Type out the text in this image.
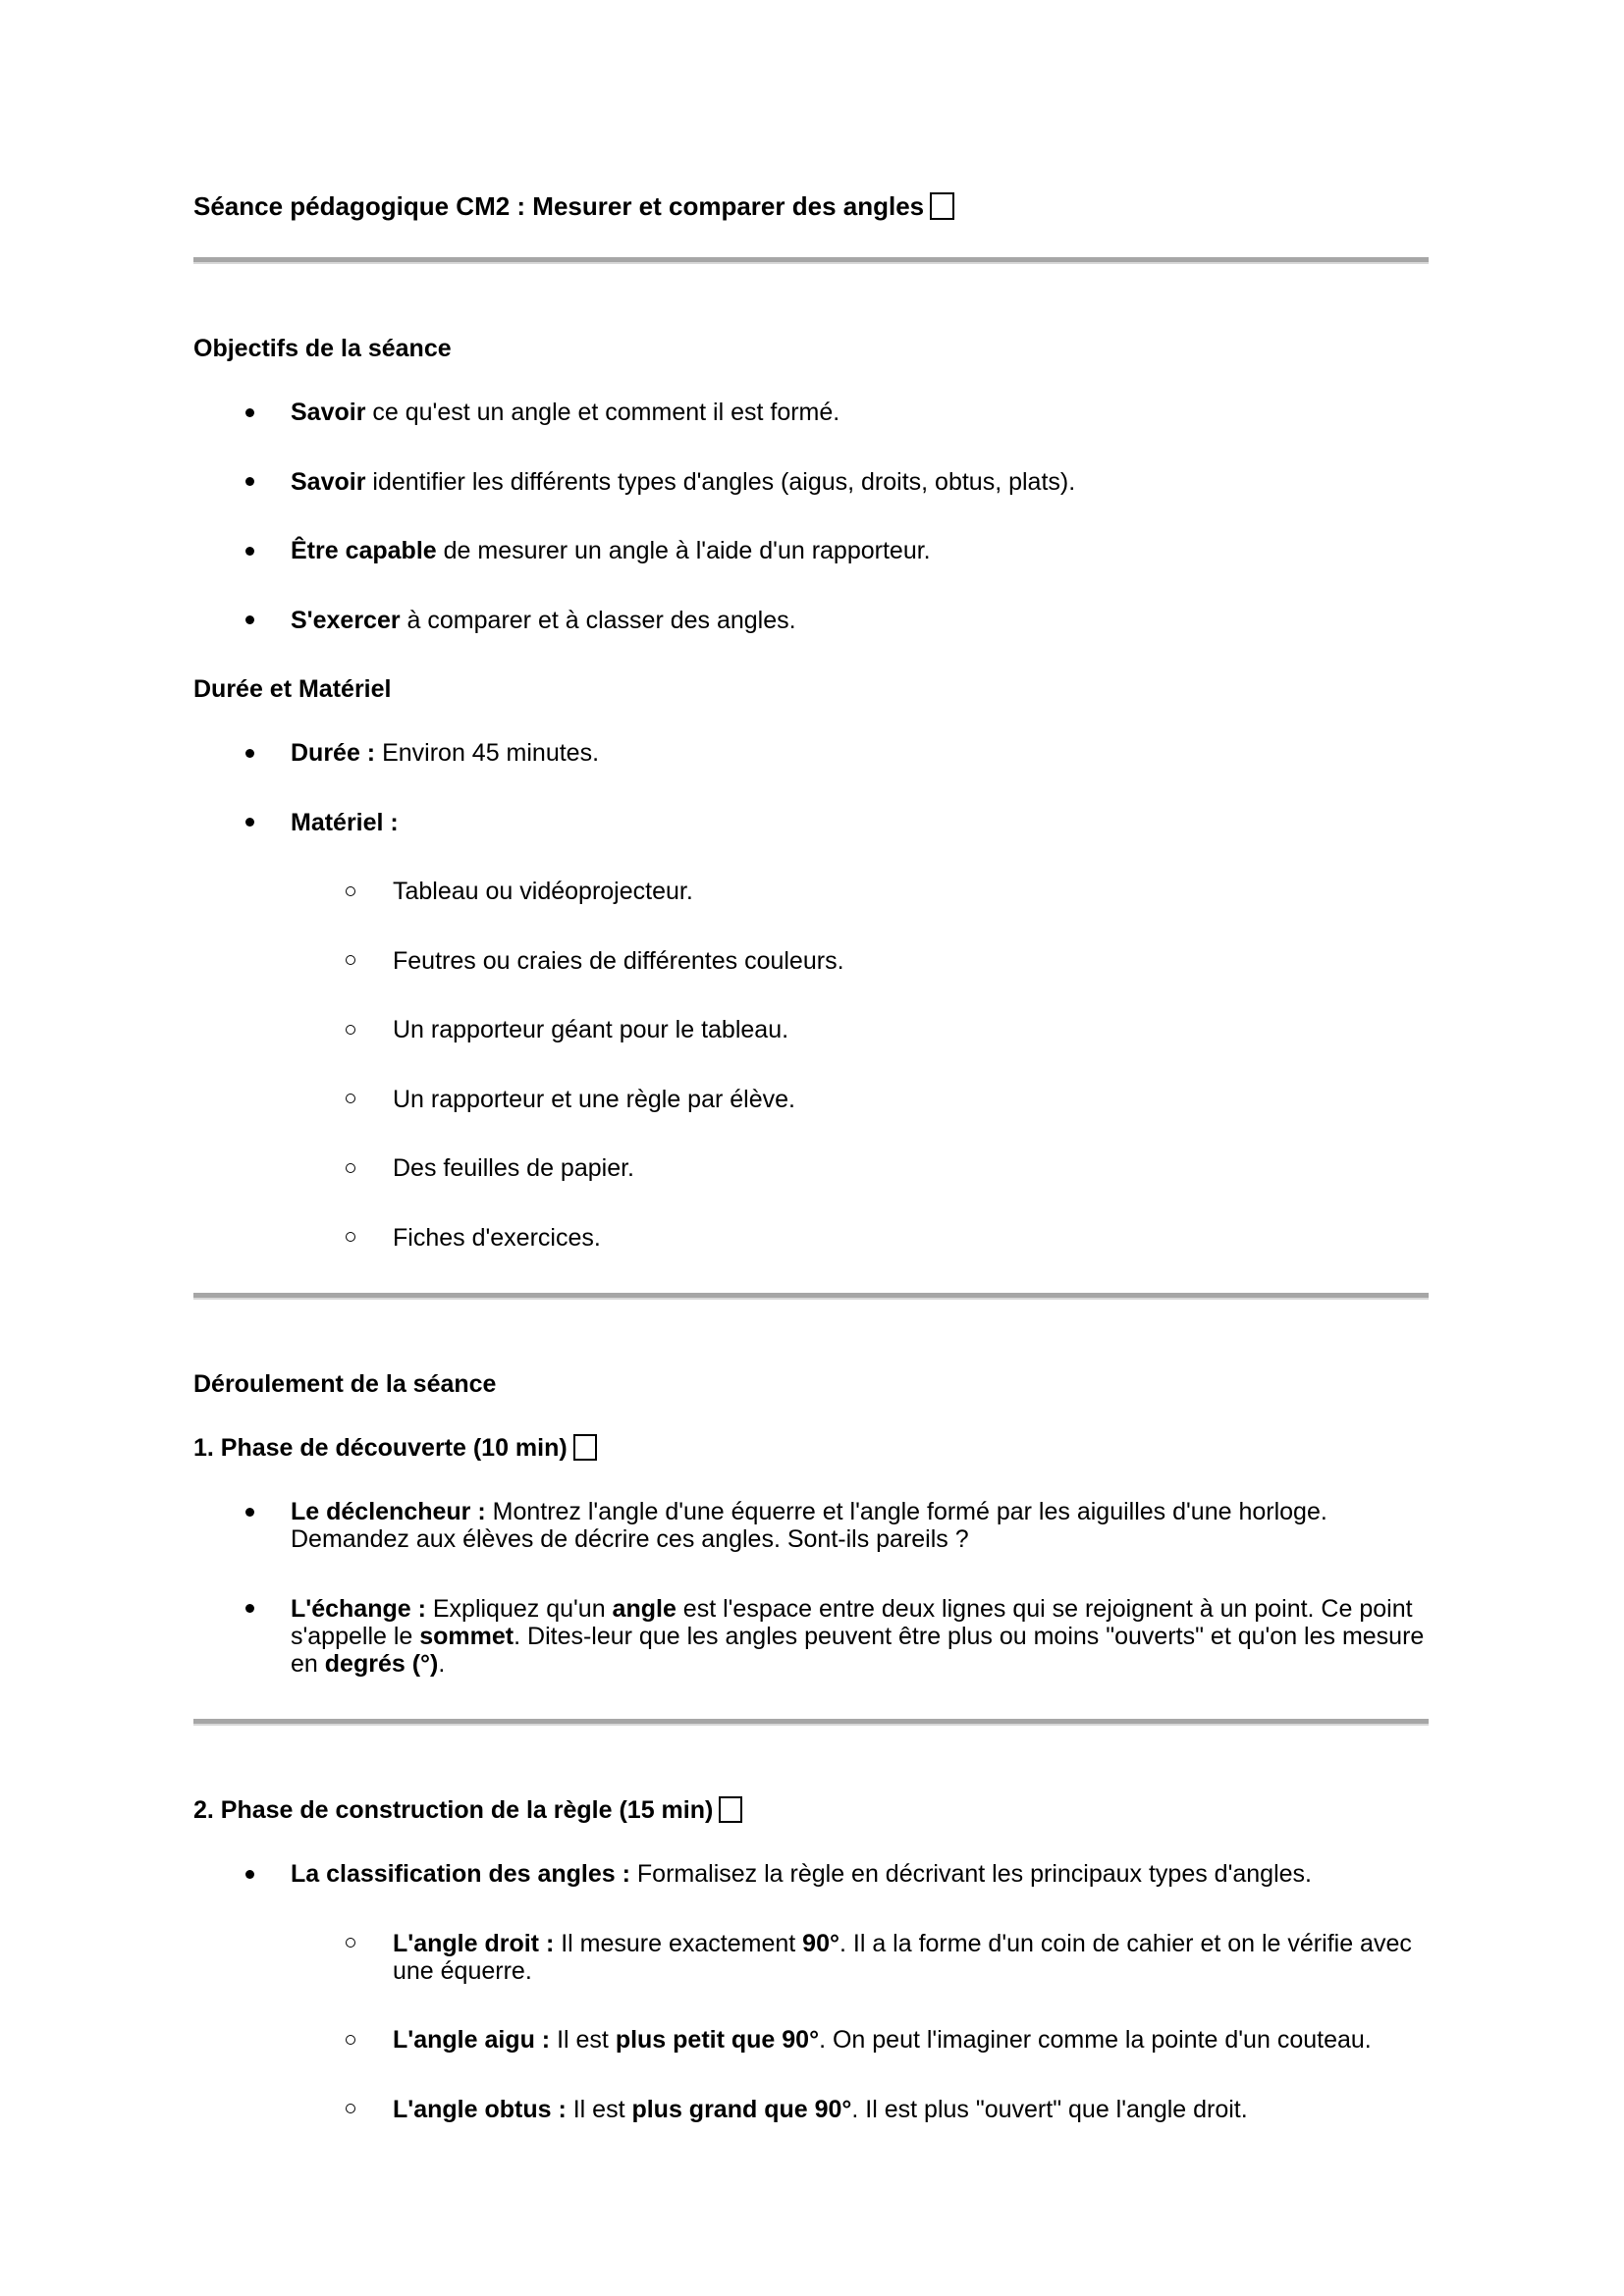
Séance pédagogique CM2 : Mesurer et comparer des angles
Objectifs de la séance
Savoir ce qu'est un angle et comment il est formé.
Savoir identifier les différents types d'angles (aigus, droits, obtus, plats).
Être capable de mesurer un angle à l'aide d'un rapporteur.
S'exercer à comparer et à classer des angles.
Durée et Matériel
Durée : Environ 45 minutes.
Matériel :
Tableau ou vidéoprojecteur.
Feutres ou craies de différentes couleurs.
Un rapporteur géant pour le tableau.
Un rapporteur et une règle par élève.
Des feuilles de papier.
Fiches d'exercices.
Déroulement de la séance
1. Phase de découverte (10 min)
Le déclencheur : Montrez l'angle d'une équerre et l'angle formé par les aiguilles d'une horloge. Demandez aux élèves de décrire ces angles. Sont-ils pareils ?
L'échange : Expliquez qu'un angle est l'espace entre deux lignes qui se rejoignent à un point. Ce point s'appelle le sommet. Dites-leur que les angles peuvent être plus ou moins "ouverts" et qu'on les mesure en degrés (°).
2. Phase de construction de la règle (15 min)
La classification des angles : Formalisez la règle en décrivant les principaux types d'angles.
L'angle droit : Il mesure exactement 90°. Il a la forme d'un coin de cahier et on le vérifie avec une équerre.
L'angle aigu : Il est plus petit que 90°. On peut l'imaginer comme la pointe d'un couteau.
L'angle obtus : Il est plus grand que 90°. Il est plus "ouvert" que l'angle droit.
